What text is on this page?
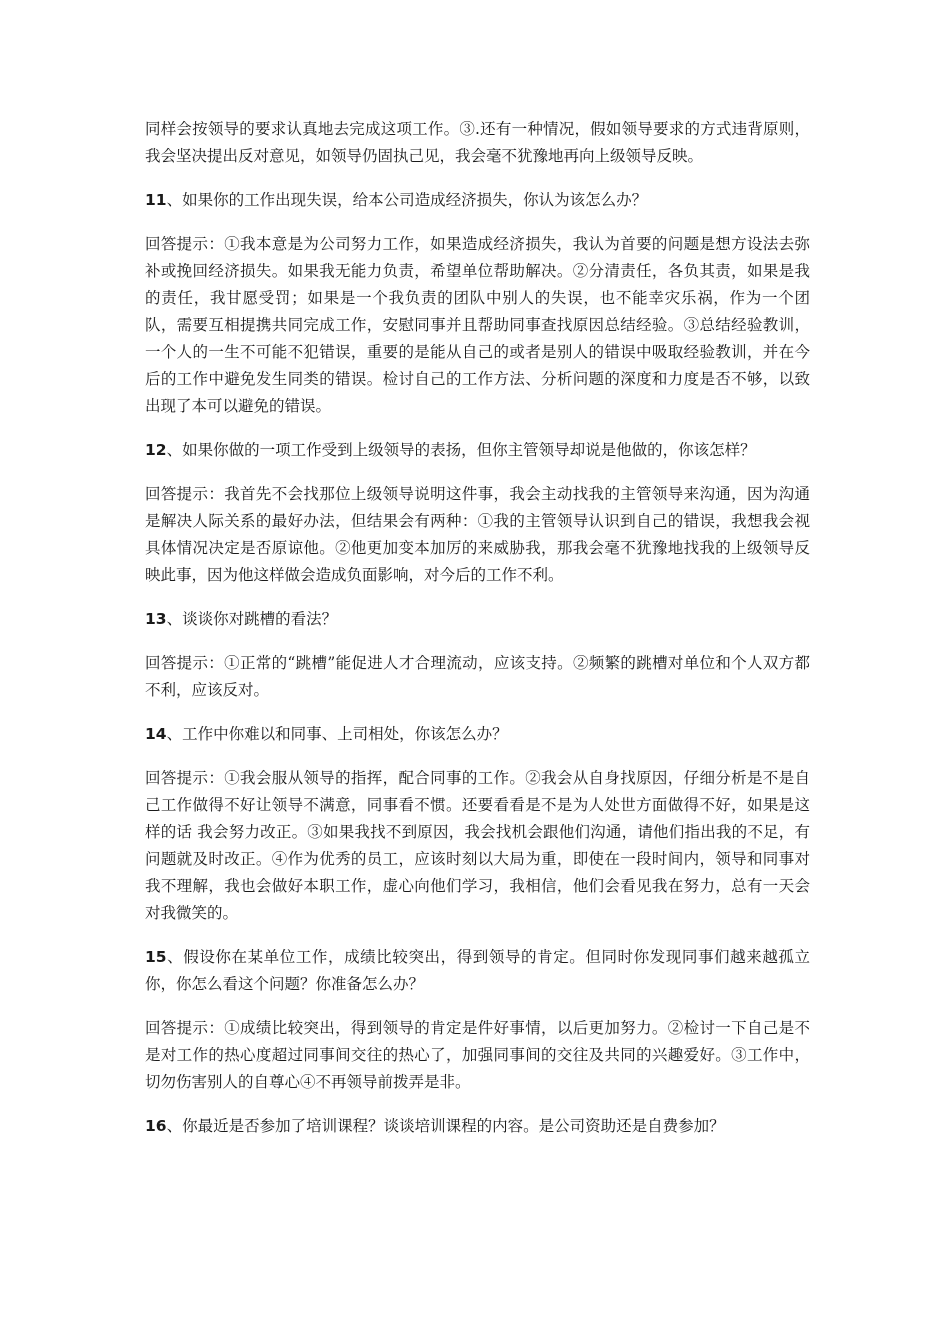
同样会按领导的要求认真地去完成这项工作。③.还有一种情况，假如领导要求的方式违背原则，我会坚决提出反对意见，如领导仍固执己见，我会毫不犹豫地再向上级领导反映。

11、如果你的工作出现失误，给本公司造成经济损失，你认为该怎么办？

回答提示：①我本意是为公司努力工作，如果造成经济损失，我认为首要的问题是想方设法去弥补或挽回经济损失。如果我无能力负责，希望单位帮助解决。②分清责任，各负其责，如果是我的责任，我甘愿受罚；如果是一个我负责的团队中别人的失误，也不能幸灾乐祸，作为一个团队，需要互相提携共同完成工作，安慰同事并且帮助同事查找原因总结经验。③总结经验教训，一个人的一生不可能不犯错误，重要的是能从自己的或者是别人的错误中吸取经验教训，并在今后的工作中避免发生同类的错误。检讨自己的工作方法、分析问题的深度和力度是否不够，以致出现了本可以避免的错误。

12、如果你做的一项工作受到上级领导的表扬，但你主管领导却说是他做的，你该怎样？

回答提示：我首先不会找那位上级领导说明这件事，我会主动找我的主管领导来沟通，因为沟通是解决人际关系的最好办法，但结果会有两种：①我的主管领导认识到自己的错误，我想我会视具体情况决定是否原谅他。②他更加变本加厉的来威胁我，那我会毫不犹豫地找我的上级领导反映此事，因为他这样做会造成负面影响，对今后的工作不利。

13、谈谈你对跳槽的看法？

回答提示：①正常的“跳槽”能促进人才合理流动，应该支持。②频繁的跳槽对单位和个人双方都不利，应该反对。

14、工作中你难以和同事、上司相处，你该怎么办？

回答提示：①我会服从领导的指挥，配合同事的工作。②我会从自身找原因，仔细分析是不是自己工作做得不好让领导不满意，同事看不惯。还要看看是不是为人处世方面做得不好，如果是这样的话 我会努力改正。③如果我找不到原因，我会找机会跟他们沟通，请他们指出我的不足，有问题就及时改正。④作为优秀的员工，应该时刻以大局为重，即使在一段时间内，领导和同事对我不理解，我也会做好本职工作，虚心向他们学习，我相信，他们会看见我在努力，总有一天会对我微笑的。

15、假设你在某单位工作，成绩比较突出，得到领导的肯定。但同时你发现同事们越来越孤立你，你怎么看这个问题？你准备怎么办？

回答提示：①成绩比较突出，得到领导的肯定是件好事情，以后更加努力。②检讨一下自己是不是对工作的热心度超过同事间交往的热心了，加强同事间的交往及共同的兴趣爱好。③工作中，切勿伤害别人的自尊心④不再领导前拨弄是非。

16、你最近是否参加了培训课程？谈谈培训课程的内容。是公司资助还是自费参加？
